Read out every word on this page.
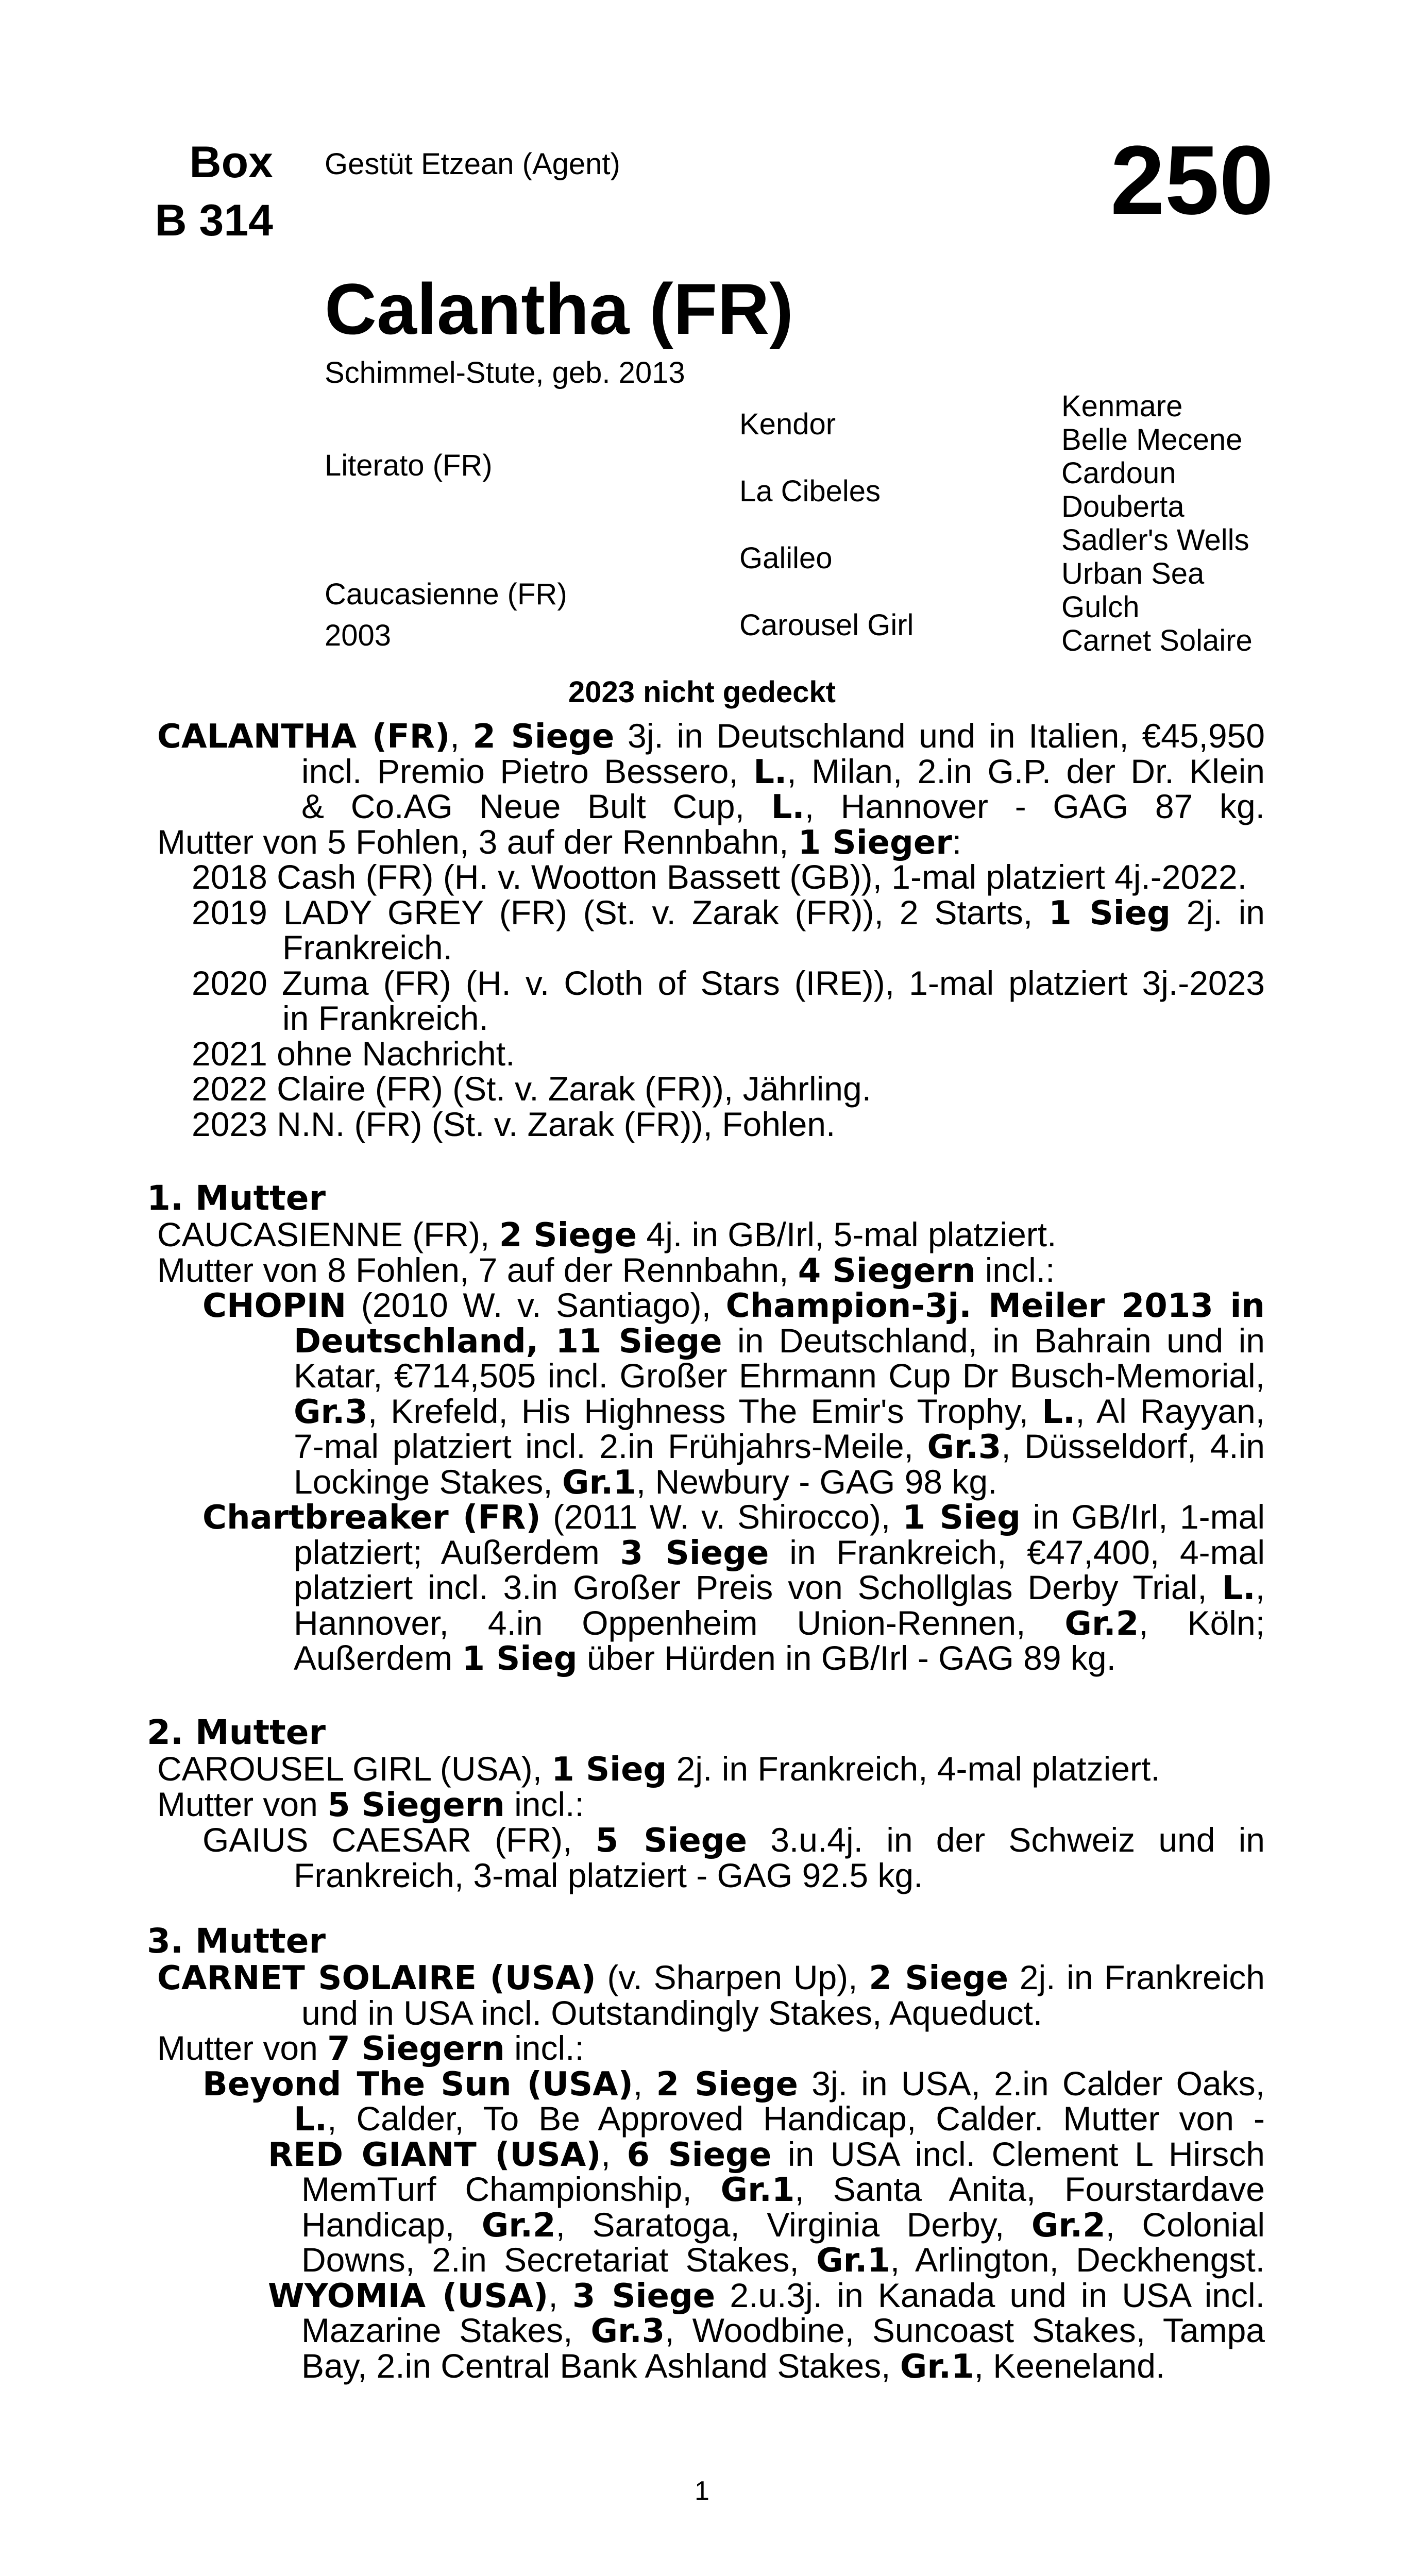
Box
B 314
Gestüt Etzean (Agent)	250
Calantha (FR)
Schimmel-Stute, geb. 2013
Literato (FR)
Caucasienne (FR)
2003
Kendor
La Cibeles
Galileo
Carousel Girl
Kenmare
Belle Mecene
Cardoun
Douberta
Sadler's Wells
Urban Sea
Gulch
Carnet Solaire
2023 nicht gedeckt
1. Mutter
2. Mutter
3. Mutter
CALANTHA (FR), 2 Siege 3j. in Deutschland und in Italien, €45,950
incl. Premio Pietro Bessero, L., Milan, 2.in G.P. der Dr. Klein
& Co.AG Neue Bult Cup, L., Hannover - GAG 87 kg.
Mutter von 5 Fohlen, 3 auf der Rennbahn, 1 Sieger:
2018 Cash (FR) (H. v. Wootton Bassett (GB)), 1-mal platziert 4j.-2022.
2019 LADY GREY (FR) (St. v. Zarak (FR)), 2 Starts, 1 Sieg 2j. in
Frankreich.
2020 Zuma (FR) (H. v. Cloth of Stars (IRE)), 1-mal platziert 3j.-2023
in Frankreich.
2021 ohne Nachricht.
2022 Claire (FR) (St. v. Zarak (FR)), Jährling.
2023 N.N. (FR) (St. v. Zarak (FR)), Fohlen.
CAUCASIENNE (FR), 2 Siege 4j. in GB/Irl, 5-mal platziert.
Mutter von 8 Fohlen, 7 auf der Rennbahn, 4 Siegern incl.:
CHOPIN (2010 W. v. Santiago), Champion-3j. Meiler 2013 in
Deutschland, 11 Siege in Deutschland, in Bahrain und in
Katar, €714,505 incl. Großer Ehrmann Cup Dr Busch-Memorial,
Gr.3, Krefeld, His Highness The Emir's Trophy, L., Al Rayyan,
7-mal platziert incl. 2.in Frühjahrs-Meile, Gr.3, Düsseldorf, 4.in
Lockinge Stakes, Gr.1, Newbury - GAG 98 kg.
Chartbreaker (FR) (2011 W. v. Shirocco), 1 Sieg in GB/Irl, 1-mal
platziert; Außerdem 3 Siege in Frankreich, €47,400, 4-mal
platziert incl. 3.in Großer Preis von Schollglas Derby Trial, L.,
Hannover, 4.in Oppenheim Union-Rennen, Gr.2, Köln;
Außerdem 1 Sieg über Hürden in GB/Irl - GAG 89 kg.
CAROUSEL GIRL (USA), 1 Sieg 2j. in Frankreich, 4-mal platziert.
Mutter von 5 Siegern incl.:
GAIUS CAESAR (FR), 5 Siege 3.u.4j. in der Schweiz und in
Frankreich, 3-mal platziert - GAG 92.5 kg.
CARNET SOLAIRE (USA) (v. Sharpen Up), 2 Siege 2j. in Frankreich
und in USA incl. Outstandingly Stakes, Aqueduct.
Mutter von 7 Siegern incl.:
Beyond The Sun (USA), 2 Siege 3j. in USA, 2.in Calder Oaks,
L., Calder, To Be Approved Handicap, Calder. Mutter von -
RED GIANT (USA), 6 Siege in USA incl. Clement L Hirsch
MemTurf Championship, Gr.1, Santa Anita, Fourstardave
Handicap, Gr.2, Saratoga, Virginia Derby, Gr.2, Colonial
Downs, 2.in Secretariat Stakes, Gr.1, Arlington, Deckhengst.
WYOMIA (USA), 3 Siege 2.u.3j. in Kanada und in USA incl.
Mazarine Stakes, Gr.3, Woodbine, Suncoast Stakes, Tampa
Bay, 2.in Central Bank Ashland Stakes, Gr.1, Keeneland.
1
